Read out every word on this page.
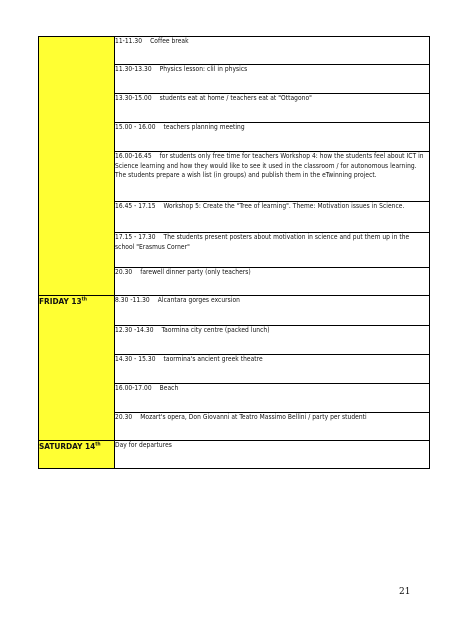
	11-11.30 Coffee break
	11.30-13.30 Physics lesson: clil in physics
	13.30-15.00 students eat at home / teachers eat at "Ottagono"
	15.00 - 16.00 teachers planning meeting
	16.00-16.45 for students only free time for teachers Workshop 4: how the students feel about ICT in Science learning and how they would like to see it used in the classroom / for autonomous learning. The students prepare a wish list (in groups) and publish them in the eTwinning project.
	16.45 - 17.15 Workshop 5: Create the "Tree of learning". Theme: Motivation issues in Science.
	17.15 - 17.30 The students present posters about motivation in science and put them up in the school "Erasmus Corner"
	20.30 farewell dinner party (only teachers)
FRIDAY 13th	8.30 -11.30 Alcantara gorges excursion
	12.30 -14.30 Taormina city centre (packed lunch)
	14.30 - 15.30 taormina's ancient greek theatre
	16.00-17.00 Beach
	20.30 Mozart's opera, Don Giovanni at Teatro Massimo Bellini / party per studenti
SATURDAY 14th	Day for departures
21
